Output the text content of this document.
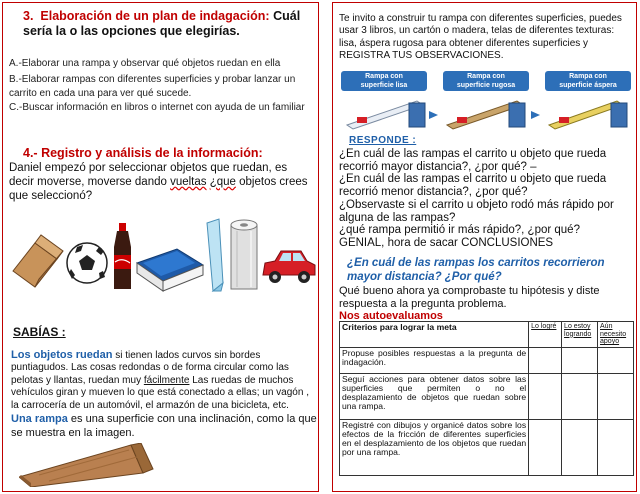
3. Elaboración de un plan de indagación: Cuál sería la o las opciones que elegirías.
A.-Elaborar una rampa y observar qué objetos ruedan en ella
B.-Elaborar rampas con diferentes superficies y probar lanzar un carrito en cada una para ver qué sucede.
C.-Buscar información en libros o internet con ayuda de un familiar
4.- Registro y análisis de la información:
Daniel empezó por seleccionar objetos que ruedan, es decir moverse, moverse dando vueltas ¿que objetos crees que seleccionó?
SABÍAS :
Los objetos ruedan si tienen lados curvos sin bordes puntiagudos. Las cosas redondas o de forma circular como las pelotas y llantas, ruedan muy fácilmente Las ruedas de muchos vehículos giran y mueven lo que está conectado a ellas; un vagón , la carrocería de un automóvil, el armazón de una bicicleta, etc.
Una rampa es una superficie con una inclinación, como la que se muestra en la imagen.
Te invito a construir tu rampa con diferentes superficies, puedes usar 3 libros, un cartón o madera, telas de diferentes texturas: lisa, áspera rugosa para obtener diferentes superficies y REGISTRA TUS OBSERVACIONES.
Rampa con
superficie lisa
Rampa con
superficie rugosa
Rampa con
superficie áspera
RESPONDE :

¿En cuál de las rampas el carrito u objeto que rueda recorrió mayor distancia?, ¿por qué? –

¿En cuál de las rampas el carrito u objeto que rueda recorrió menor distancia?, ¿por qué?

¿Observaste si el carrito u objeto rodó más rápido por alguna de las rampas?

¿qué rampa permitió ir más rápido?, ¿por qué?

GENIAL, hora de sacar CONCLUSIONES

¿En cuál de las rampas los carritos recorrieron mayor distancia? ¿Por qué?
Qué bueno ahora ya comprobaste tu hipótesis y diste respuesta a la pregunta problema.
Nos autoevaluamos
Criterios para lograr la meta	Lo logré	Lo estoy logrando	Aún necesito apoyo
Propuse posibles respuestas a la pregunta de indagación.			
Seguí acciones para obtener datos sobre las superficies que permiten o no el desplazamiento de objetos que ruedan sobre una rampa.			
Registré con dibujos y organicé datos sobre los efectos de la fricción de diferentes superficies en el desplazamiento de los objetos que ruedan por una rampa.			
